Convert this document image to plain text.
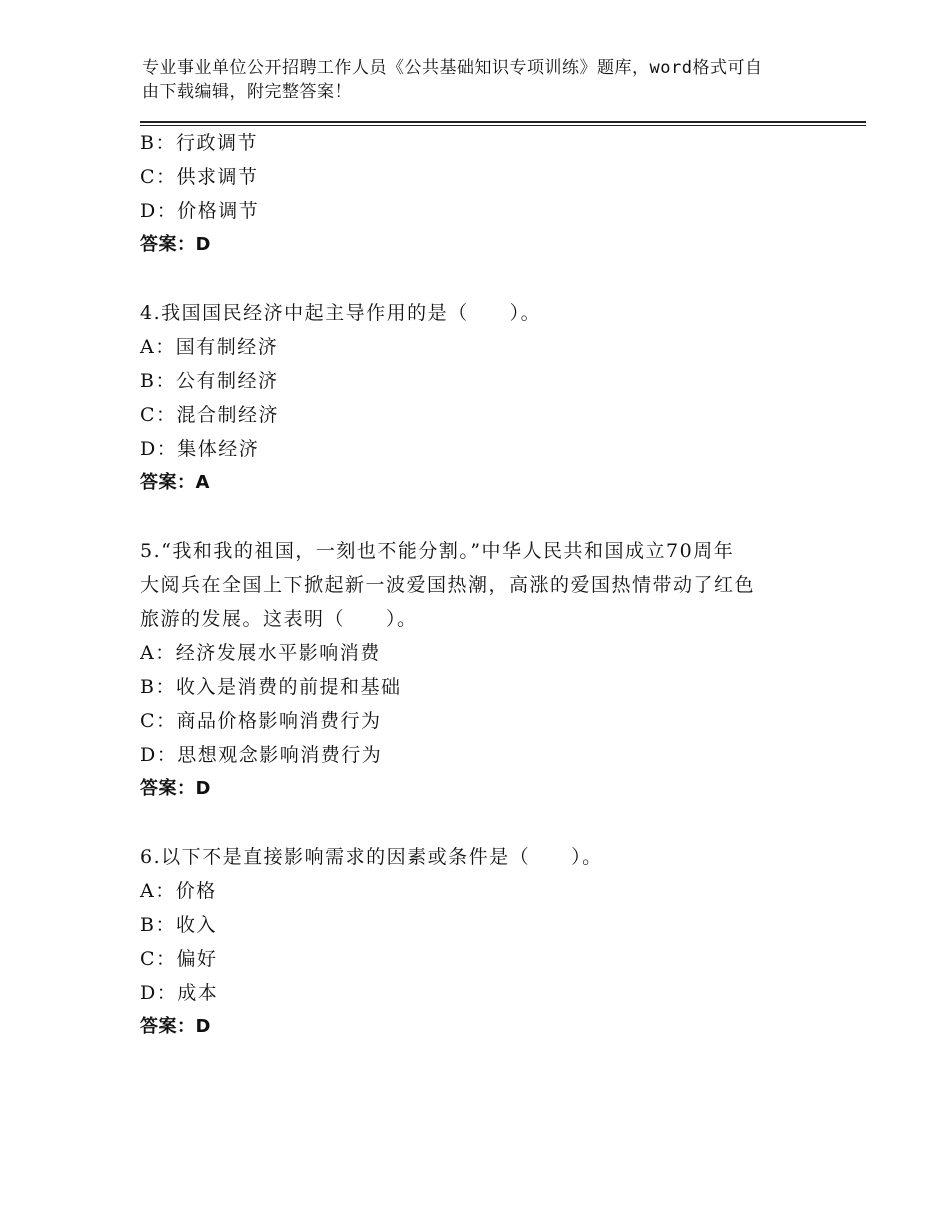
专业事业单位公开招聘工作人员《公共基础知识专项训练》题库，word格式可自
由下载编辑，附完整答案！
B：行政调节
C：供求调节
D：价格调节
答案：D
4.我国国民经济中起主导作用的是（　　）。
A：国有制经济
B：公有制经济
C：混合制经济
D：集体经济
答案：A
5.“我和我的祖国，一刻也不能分割。”中华人民共和国成立70周年
大阅兵在全国上下掀起新一波爱国热潮，高涨的爱国热情带动了红色
旅游的发展。这表明（　　）。
A：经济发展水平影响消费
B：收入是消费的前提和基础
C：商品价格影响消费行为
D：思想观念影响消费行为
答案：D
6.以下不是直接影响需求的因素或条件是（　　）。
A：价格
B：收入
C：偏好
D：成本
答案：D
